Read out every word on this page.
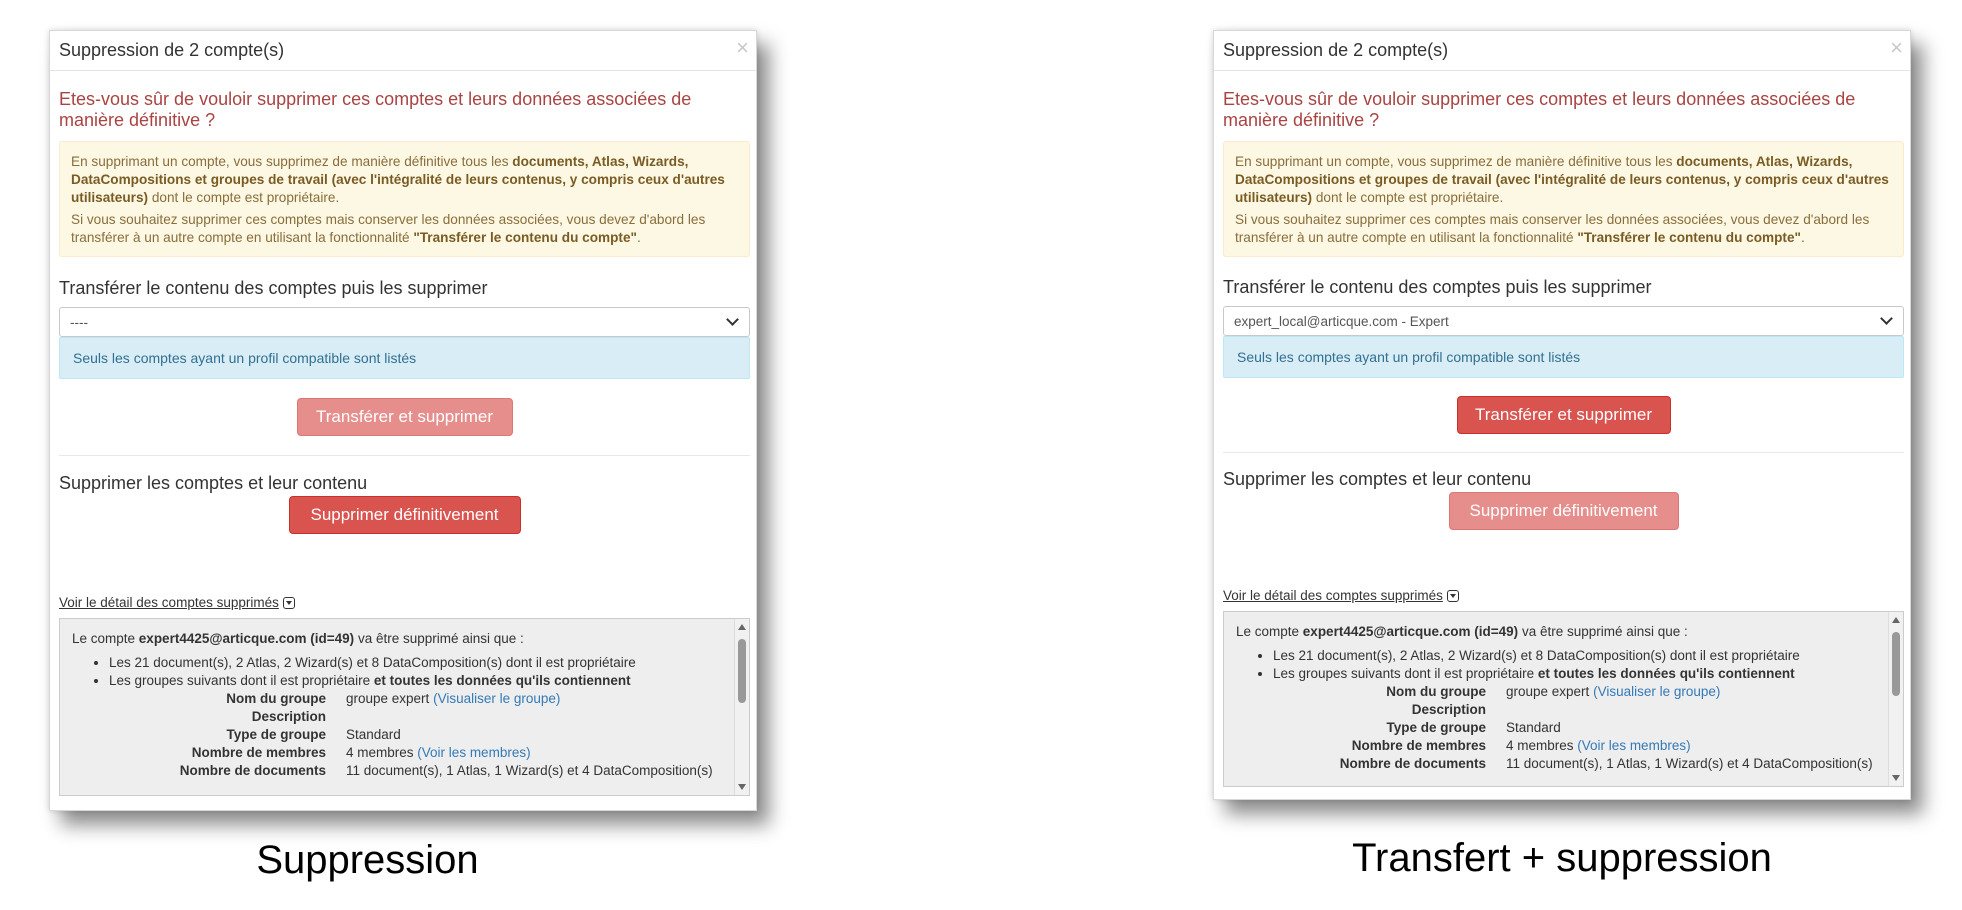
Suppression de 2 compte(s)	×
Etes-vous sûr de vouloir supprimer ces comptes et leurs données associées de manière définitive ?

En supprimant un compte, vous supprimez de manière définitive tous les documents, Atlas, Wizards, DataCompositions et groupes de travail (avec l'intégralité de leurs contenus, y compris ceux d'autres utilisateurs) dont le compte est propriétaire.

Si vous souhaitez supprimer ces comptes mais conserver les données associées, vous devez d'abord les transférer à un autre compte en utilisant la fonctionnalité "Transférer le contenu du compte".

Transférer le contenu des comptes puis les supprimer
----
Seuls les comptes ayant un profil compatible sont listés
Transférer et supprimer
Supprimer les comptes et leur contenu
Supprimer définitivement
Voir le détail des comptes supprimés
Le compte expert4425@articque.com (id=49) va être supprimé ainsi que :
• Les 21 document(s), 2 Atlas, 2 Wizard(s) et 8 DataComposition(s) dont il est propriétaire
• Les groupes suivants dont il est propriétaire et toutes les données qu'ils contiennent
Nom du groupe groupe expert (Visualiser le groupe)
Description
Type de groupe Standard
Nombre de membres 4 membres (Voir les membres)
Nombre de documents 11 document(s), 1 Atlas, 1 Wizard(s) et 4 DataComposition(s)
Suppression de 2 compte(s)	×
Etes-vous sûr de vouloir supprimer ces comptes et leurs données associées de manière définitive ?

En supprimant un compte, vous supprimez de manière définitive tous les documents, Atlas, Wizards, DataCompositions et groupes de travail (avec l'intégralité de leurs contenus, y compris ceux d'autres utilisateurs) dont le compte est propriétaire.

Si vous souhaitez supprimer ces comptes mais conserver les données associées, vous devez d'abord les transférer à un autre compte en utilisant la fonctionnalité "Transférer le contenu du compte".

Transférer le contenu des comptes puis les supprimer
expert_local@articque.com - Expert
Seuls les comptes ayant un profil compatible sont listés
Transférer et supprimer
Supprimer les comptes et leur contenu
Supprimer définitivement
Voir le détail des comptes supprimés
Le compte expert4425@articque.com (id=49) va être supprimé ainsi que :
• Les 21 document(s), 2 Atlas, 2 Wizard(s) et 8 DataComposition(s) dont il est propriétaire
• Les groupes suivants dont il est propriétaire et toutes les données qu'ils contiennent
Nom du groupe groupe expert (Visualiser le groupe)
Description
Type de groupe Standard
Nombre de membres 4 membres (Voir les membres)
Nombre de documents 11 document(s), 1 Atlas, 1 Wizard(s) et 4 DataComposition(s)
Suppression	Transfert + suppression
